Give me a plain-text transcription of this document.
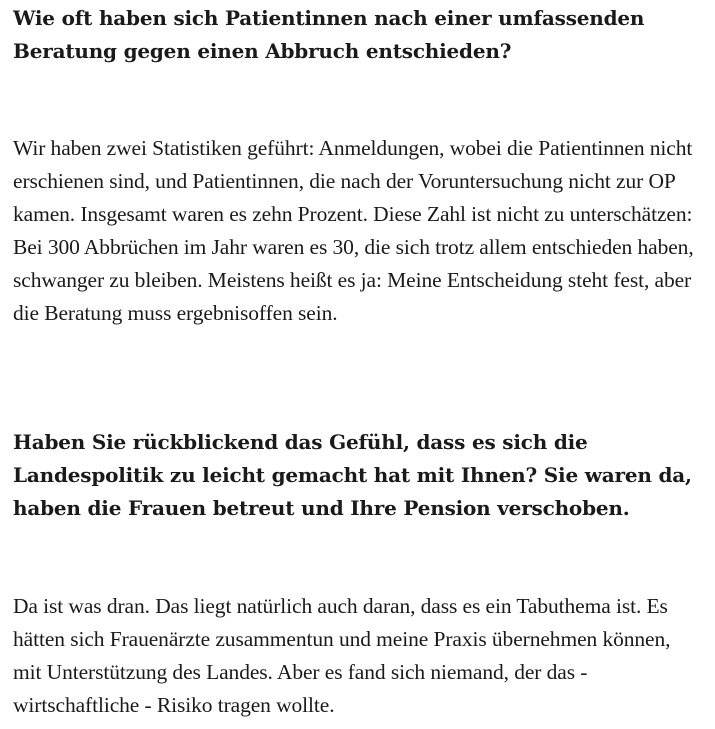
Wie oft haben sich Patientinnen nach einer umfassenden Beratung gegen einen Abbruch entschieden?

Wir haben zwei Statistiken geführt: Anmeldungen, wobei die Patientinnen nicht erschienen sind, und Patientinnen, die nach der Voruntersuchung nicht zur OP kamen. Insgesamt waren es zehn Prozent. Diese Zahl ist nicht zu unterschätzen: Bei 300 Abbrüchen im Jahr waren es 30, die sich trotz allem entschieden haben, schwanger zu bleiben. Meistens heißt es ja: Meine Entscheidung steht fest, aber die Beratung muss ergebnisoffen sein.

Haben Sie rückblickend das Gefühl, dass es sich die Landespolitik zu leicht gemacht hat mit Ihnen? Sie waren da, haben die Frauen betreut und Ihre Pension verschoben.

Da ist was dran. Das liegt natürlich auch daran, dass es ein Tabuthema ist. Es hätten sich Frauenärzte zusammentun und meine Praxis übernehmen können, mit Unterstützung des Landes. Aber es fand sich niemand, der das - wirtschaftliche - Risiko tragen wollte.
